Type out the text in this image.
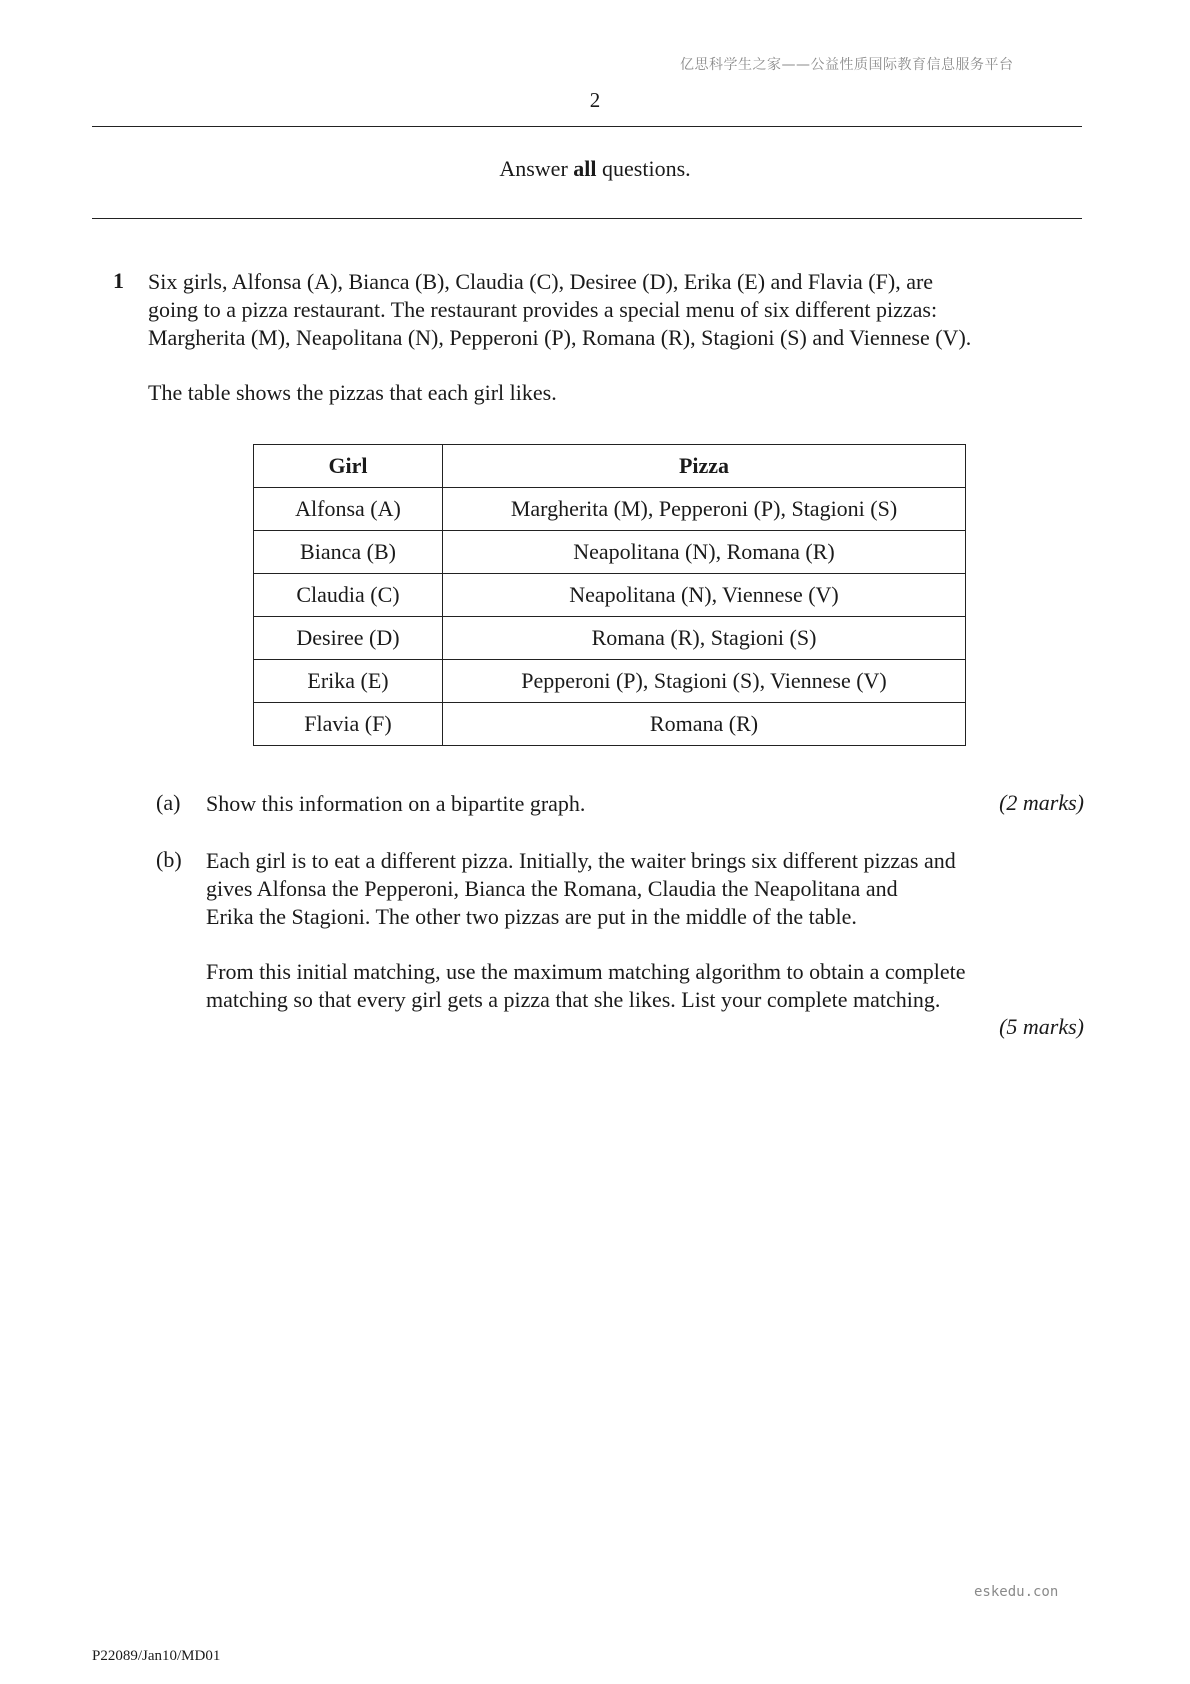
亿思科学生之家——公益性质国际教育信息服务平台
2
Answer all questions.
1 Six girls, Alfonsa (A), Bianca (B), Claudia (C), Desiree (D), Erika (E) and Flavia (F), are
going to a pizza restaurant. The restaurant provides a special menu of six different pizzas:
Margherita (M), Neapolitana (N), Pepperoni (P), Romana (R), Stagioni (S) and Viennese (V).
The table shows the pizzas that each girl likes.
Girl	Pizza
Alfonsa (A)	Margherita (M), Pepperoni (P), Stagioni (S)
Bianca (B)	Neapolitana (N), Romana (R)
Claudia (C)	Neapolitana (N), Viennese (V)
Desiree (D)	Romana (R), Stagioni (S)
Erika (E)	Pepperoni (P), Stagioni (S), Viennese (V)
Flavia (F)	Romana (R)
(a) Show this information on a bipartite graph.	(2 marks)
(b) Each girl is to eat a different pizza. Initially, the waiter brings six different pizzas and
gives Alfonsa the Pepperoni, Bianca the Romana, Claudia the Neapolitana and
Erika the Stagioni. The other two pizzas are put in the middle of the table.
From this initial matching, use the maximum matching algorithm to obtain a complete
matching so that every girl gets a pizza that she likes. List your complete matching.
(5 marks)
eskedu.con
P22089/Jan10/MD01
